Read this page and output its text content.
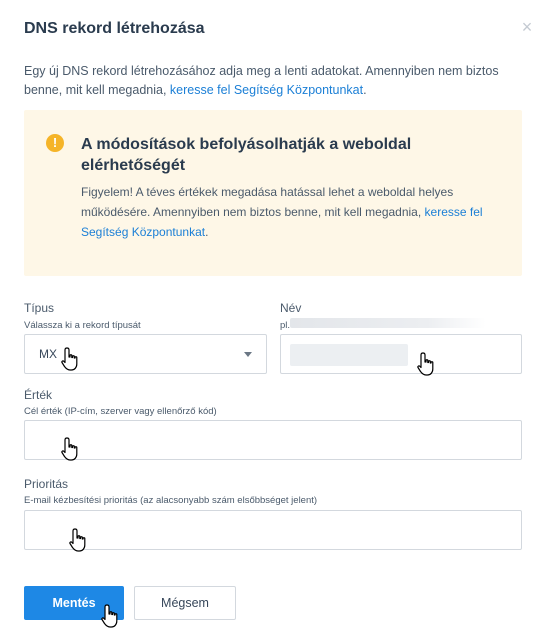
DNS rekord létrehozása	×
Egy új DNS rekord létrehozásához adja meg a lenti adatokat. Amennyiben nem biztos benne, mit kell megadnia, keresse fel Segítség Központunkat.
!	A módosítások befolyásolhatják a weboldal elérhetőségét
Figyelem! A téves értékek megadása hatással lehet a weboldal helyes működésére. Amennyiben nem biztos benne, mit kell megadnia, keresse fel Segítség Központunkat.
Típus
Válassza ki a rekord típusát
MX
Név
pl.
Érték
Cél érték (IP-cím, szerver vagy ellenőrző kód)
Prioritás
E-mail kézbesítési prioritás (az alacsonyabb szám elsőbbséget jelent)
Mentés	Mégsem
